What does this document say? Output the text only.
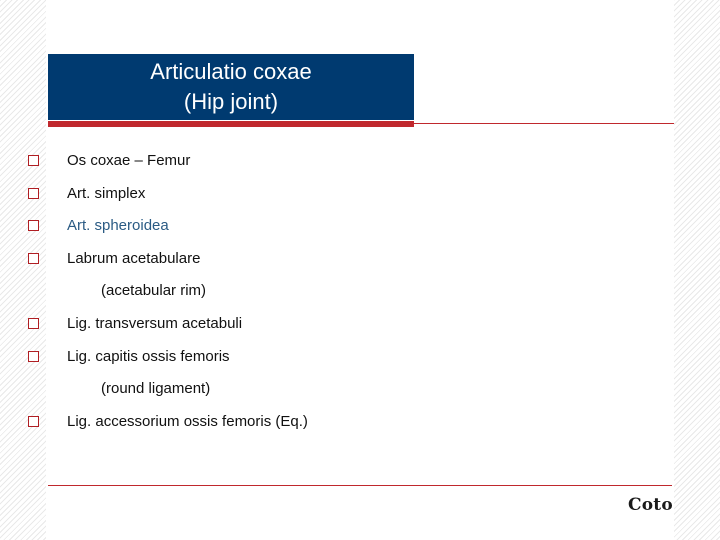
Articulatio coxae
(Hip joint)
Os coxae – Femur
Art. simplex
Art. spheroidea
Labrum acetabulare
(acetabular rim)
Lig. transversum acetabuli
Lig. capitis ossis femoris
(round ligament)
Lig. accessorium ossis femoris (Eq.)
Coto
